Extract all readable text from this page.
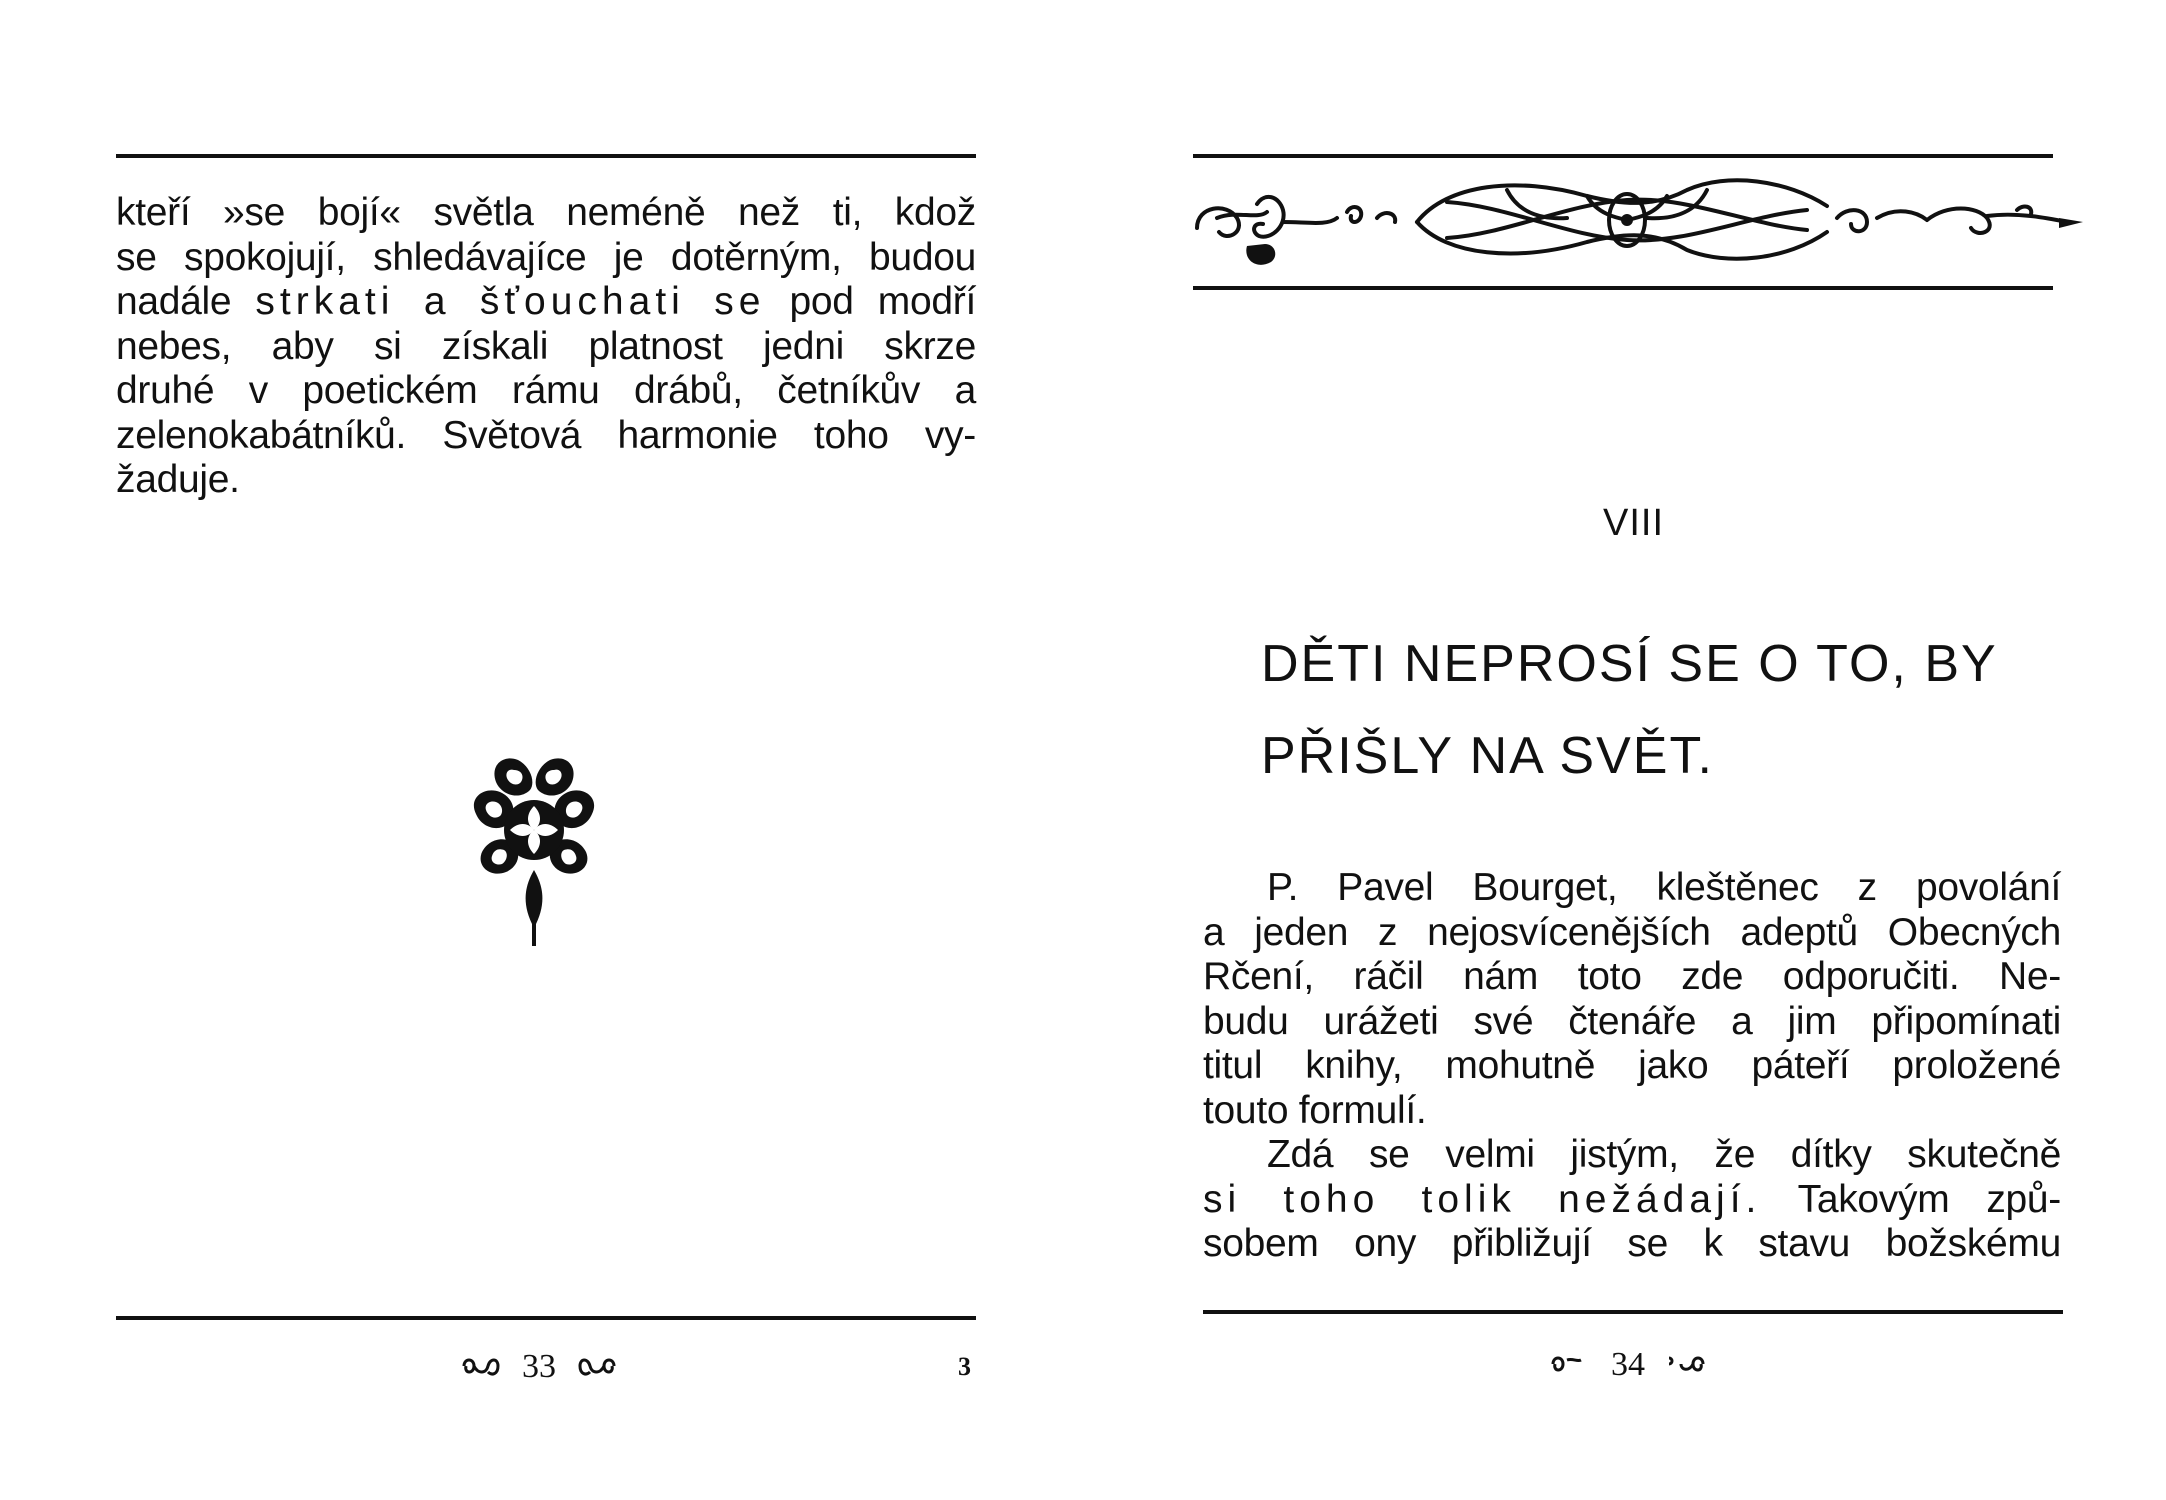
kteří »se bojí« světla neméně než ti, kdož

se spokojují, shledávajíce je dotěrným, budou

nadále strkati a šťouchati se pod modří

nebes, aby si získali platnost jedni skrze

druhé v poetickém rámu drábů, četníkův a

zelenokabátníků. Světová harmonie toho vy-

žaduje.

33	3
VIII
DĚTI NEPROSÍ SE O TO, BY
PŘIŠLY NA SVĚT.

P. Pavel Bourget, kleštěnec z povolání

a jeden z nejosvícenějších adeptů Obecných

Rčení, ráčil nám toto zde odporučiti. Ne-

budu urážeti své čtenáře a jim připomínati

titul knihy, mohutně jako páteří proložené

touto formulí.

Zdá se velmi jistým, že dítky skutečně

si toho tolik nežádají. Takovým způ-

sobem ony přibližují se k stavu božskému

34
